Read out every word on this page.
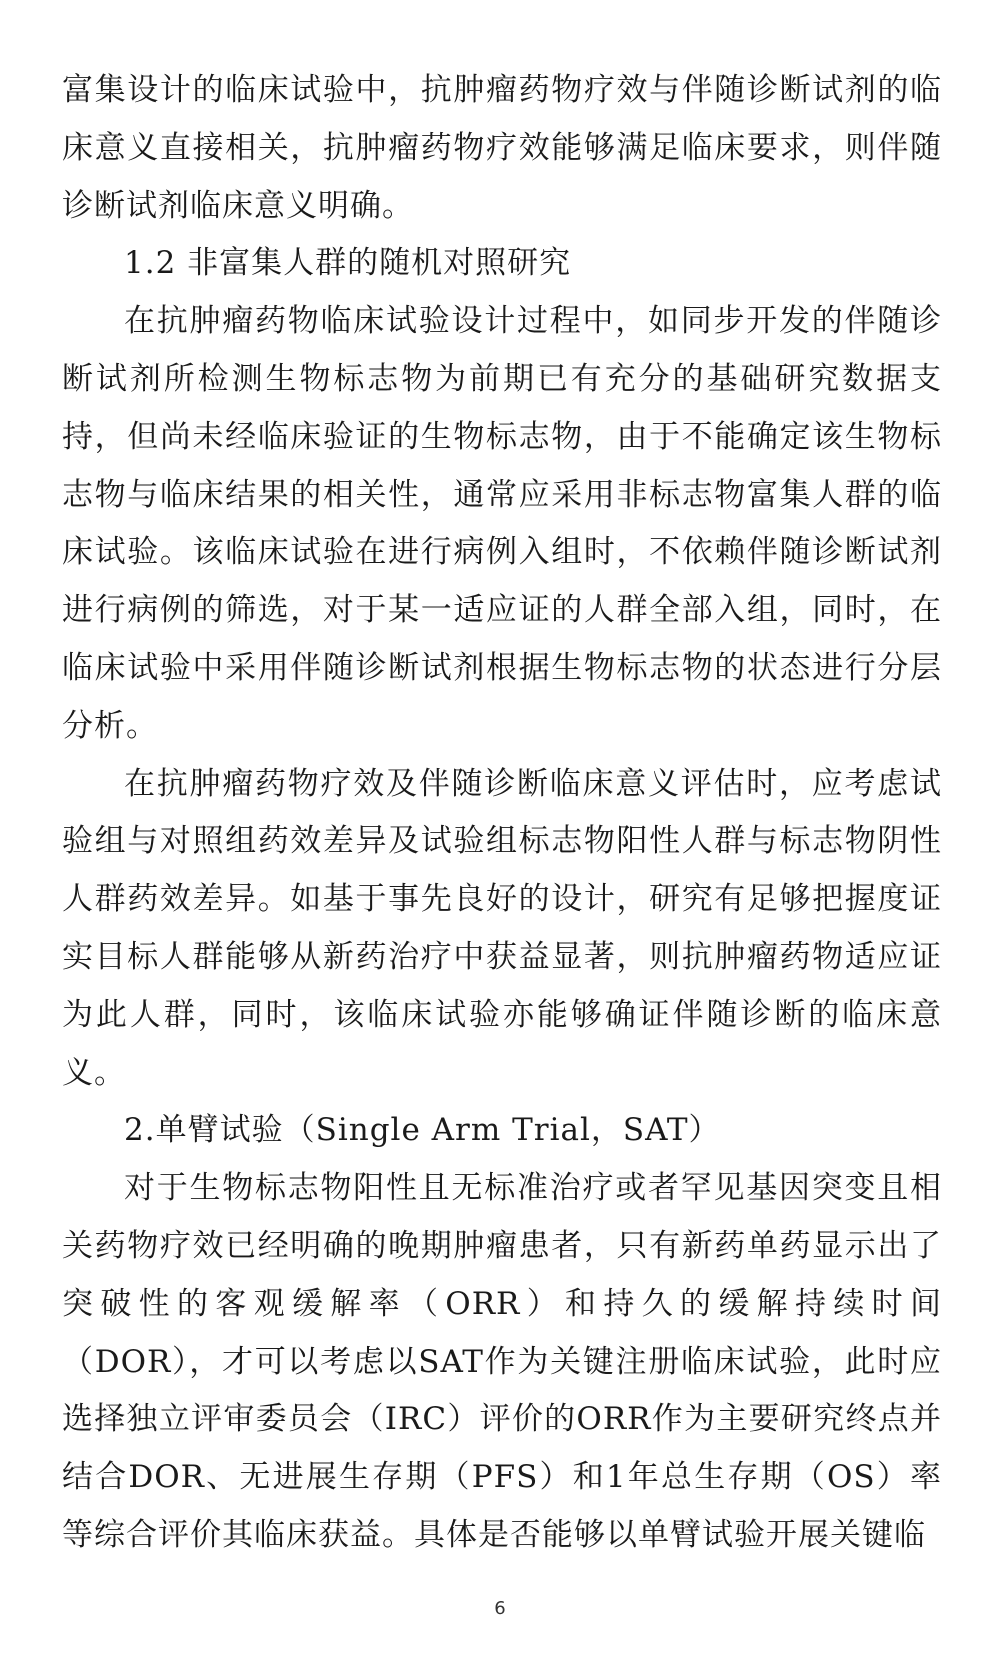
富集设计的临床试验中，抗肿瘤药物疗效与伴随诊断试剂的临床意义直接相关，抗肿瘤药物疗效能够满足临床要求，则伴随诊断试剂临床意义明确。

1.2 非富集人群的随机对照研究

在抗肿瘤药物临床试验设计过程中，如同步开发的伴随诊断试剂所检测生物标志物为前期已有充分的基础研究数据支持，但尚未经临床验证的生物标志物，由于不能确定该生物标志物与临床结果的相关性，通常应采用非标志物富集人群的临床试验。该临床试验在进行病例入组时，不依赖伴随诊断试剂进行病例的筛选，对于某一适应证的人群全部入组，同时，在临床试验中采用伴随诊断试剂根据生物标志物的状态进行分层分析。

在抗肿瘤药物疗效及伴随诊断临床意义评估时，应考虑试验组与对照组药效差异及试验组标志物阳性人群与标志物阴性人群药效差异。如基于事先良好的设计，研究有足够把握度证实目标人群能够从新药治疗中获益显著，则抗肿瘤药物适应证为此人群，同时，该临床试验亦能够确证伴随诊断的临床意义。

2.单臂试验（Single Arm Trial，SAT）

对于生物标志物阳性且无标准治疗或者罕见基因突变且相关药物疗效已经明确的晚期肿瘤患者，只有新药单药显示出了突破性的客观缓解率（ORR）和持久的缓解持续时间（DOR），才可以考虑以SAT作为关键注册临床试验，此时应选择独立评审委员会（IRC）评价的ORR作为主要研究终点并结合DOR、无进展生存期（PFS）和1年总生存期（OS）率等综合评价其临床获益。具体是否能够以单臂试验开展关键临

6
